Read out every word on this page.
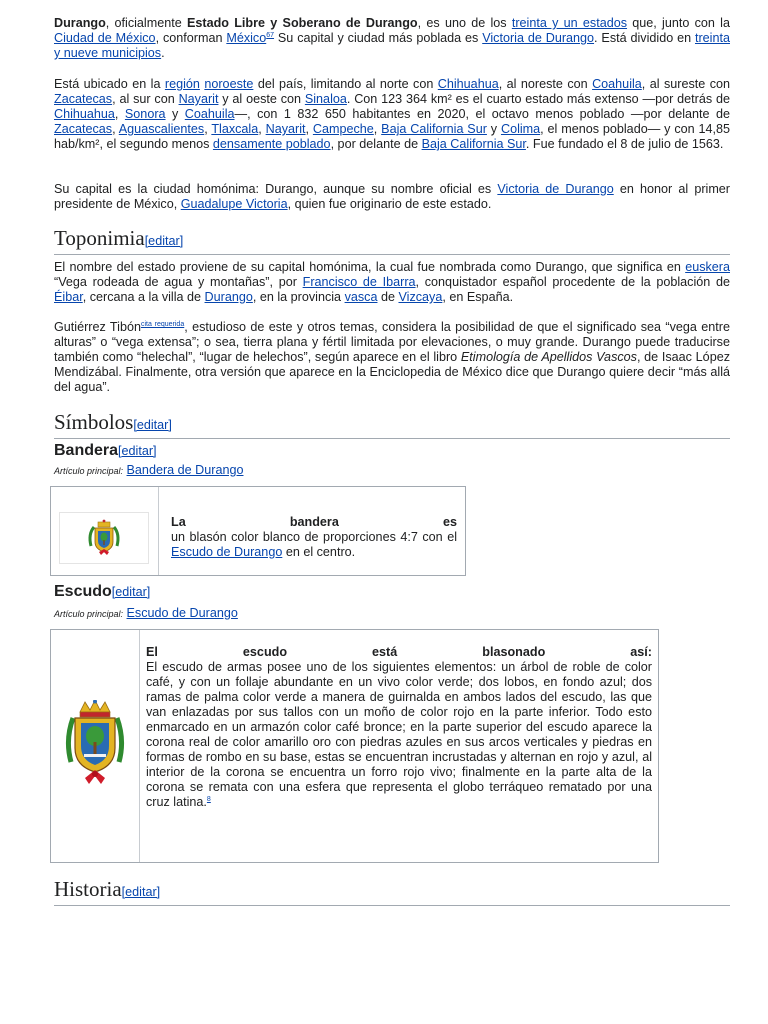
Durango, oficialmente Estado Libre y Soberano de Durango, es uno de los treinta y un estados que, junto con la Ciudad de México, conforman México$^{67}$ Su capital y ciudad más poblada es Victoria de Durango. Está dividido en treinta y nueve municipios.

Está ubicado en la región noroeste del país, limitando al norte con Chihuahua, al noreste con Coahuila, al sureste con Zacatecas, al sur con Nayarit y al oeste con Sinaloa. Con 123 364 km² es el cuarto estado más extenso —por detrás de Chihuahua, Sonora y Coahuila—, con 1 832 650 habitantes en 2020, el octavo menos poblado —por delante de Zacatecas, Aguascalientes, Tlaxcala, Nayarit, Campeche, Baja California Sur y Colima, el menos poblado— y con 14,85 hab/km², el segundo menos densamente poblado, por delante de Baja California Sur. Fue fundado el 8 de julio de 1563.

Su capital es la ciudad homónima: Durango, aunque su nombre oficial es Victoria de Durango en honor al primer presidente de México, Guadalupe Victoria, quien fue originario de este estado.

Toponimia[editar]

El nombre del estado proviene de su capital homónima, la cual fue nombrada como Durango, que significa en euskera “Vega rodeada de agua y montañas”, por Francisco de Ibarra, conquistador español procedente de la población de Éibar, cercana a la villa de Durango, en la provincia vasca de Vizcaya, en España.

Gutiérrez Tibón$^{cita requerida}$, estudioso de este y otros temas, considera la posibilidad de que el significado sea “vega entre alturas” o “vega extensa”; o sea, tierra plana y fértil limitada por elevaciones, o muy grande. Durango puede traducirse también como “helechal”, “lugar de helechos”, según aparece en el libro Etimología de Apellidos Vascos, de Isaac López Mendizábal. Finalmente, otra versión que aparece en la Enciclopedia de México dice que Durango quiere decir “más allá del agua”.

Símbolos[editar]
Bandera[editar]
Artículo principal: Bandera de Durango
La bandera es
un blasón color blanco de proporciones 4:7 con el Escudo de Durango en el centro.
Escudo[editar]
Artículo principal: Escudo de Durango
El escudo está blasonado así:
El escudo de armas posee uno de los siguientes elementos: un árbol de roble de color café, y con un follaje abundante en un vivo color verde; dos lobos, en fondo azul; dos ramas de palma color verde a manera de guirnalda en ambos lados del escudo, las que van enlazadas por sus tallos con un moño de color rojo en la parte inferior. Todo esto enmarcado en un armazón color café bronce; en la parte superior del escudo aparece la corona real de color amarillo oro con piedras azules en sus arcos verticales y piedras en formas de rombo en su base, estas se encuentran incrustadas y alternan en rojo y azul, al interior de la corona se encuentra un forro rojo vivo; finalmente en la parte alta de la corona se remata con una esfera que representa el globo terráqueo rematado por una cruz latina.$^8$
Historia[editar]
